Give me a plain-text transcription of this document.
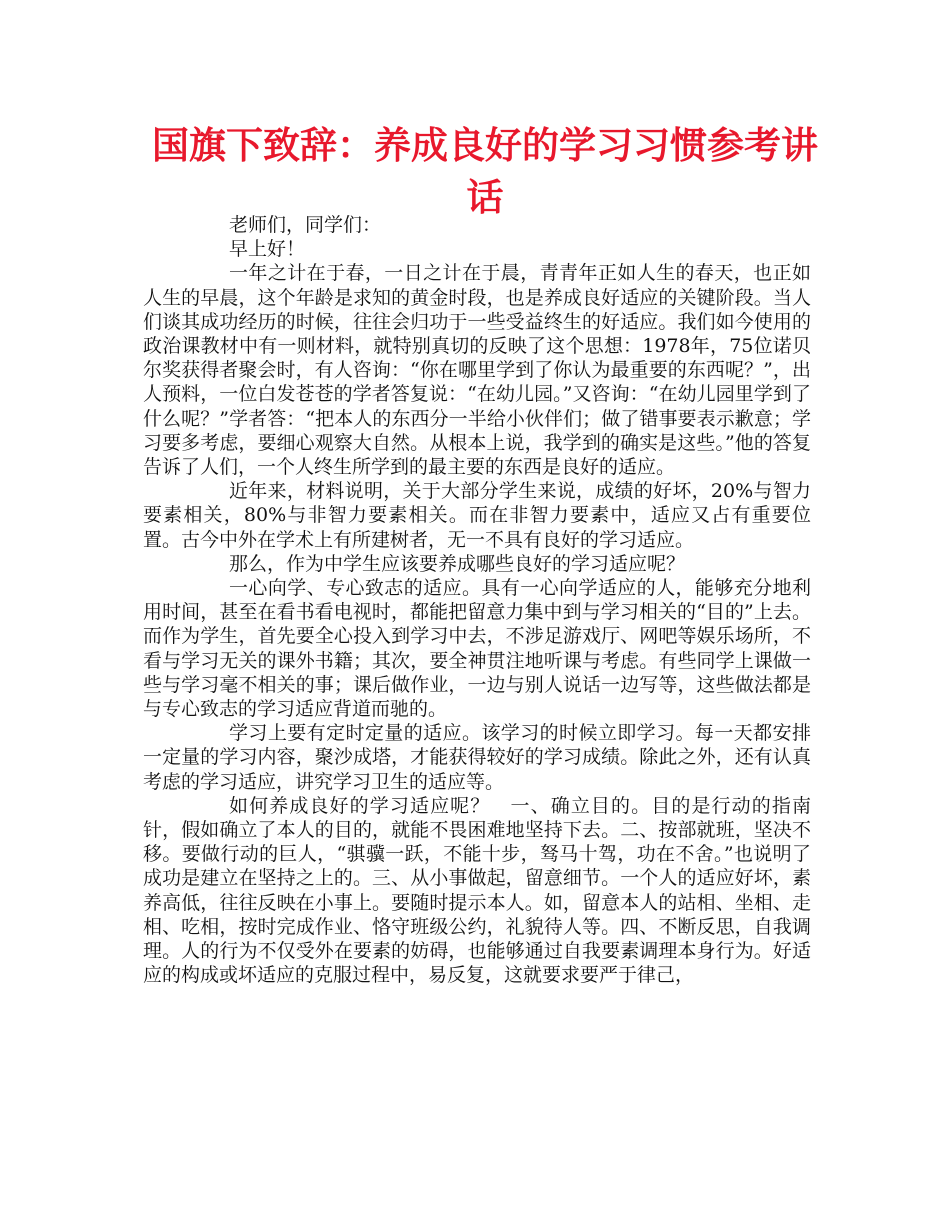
国旗下致辞：养成良好的学习习惯参考讲话

老师们，同学们：

早上好！

一年之计在于春，一日之计在于晨，青青年正如人生的春天，也正如人生的早晨，这个年龄是求知的黄金时段，也是养成良好适应的关键阶段。当人们谈其成功经历的时候，往往会归功于一些受益终生的好适应。我们如今使用的政治课教材中有一则材料，就特别真切的反映了这个思想：1978年，75位诺贝尔奖获得者聚会时，有人咨询：“你在哪里学到了你认为最重要的东西呢？”，出人预料，一位白发苍苍的学者答复说：“在幼儿园。”又咨询：“在幼儿园里学到了什么呢？”学者答：“把本人的东西分一半给小伙伴们；做了错事要表示歉意；学习要多考虑，要细心观察大自然。从根本上说，我学到的确实是这些。”他的答复告诉了人们，一个人终生所学到的最主要的东西是良好的适应。

近年来，材料说明，关于大部分学生来说，成绩的好坏，20%与智力要素相关，80%与非智力要素相关。而在非智力要素中，适应又占有重要位置。古今中外在学术上有所建树者，无一不具有良好的学习适应。

那么，作为中学生应该要养成哪些良好的学习适应呢？

一心向学、专心致志的适应。具有一心向学适应的人，能够充分地利用时间，甚至在看书看电视时，都能把留意力集中到与学习相关的“目的”上去。而作为学生，首先要全心投入到学习中去，不涉足游戏厅、网吧等娱乐场所，不看与学习无关的课外书籍；其次，要全神贯注地听课与考虑。有些同学上课做一些与学习毫不相关的事；课后做作业，一边与别人说话一边写等，这些做法都是与专心致志的学习适应背道而驰的。

学习上要有定时定量的适应。该学习的时候立即学习。每一天都安排一定量的学习内容，聚沙成塔，才能获得较好的学习成绩。除此之外，还有认真考虑的学习适应，讲究学习卫生的适应等。

如何养成良好的学习适应呢？　一、确立目的。目的是行动的指南针，假如确立了本人的目的，就能不畏困难地坚持下去。二、按部就班，坚决不移。要做行动的巨人，“骐骥一跃，不能十步，驽马十驾，功在不舍。”也说明了成功是建立在坚持之上的。三、从小事做起，留意细节。一个人的适应好坏，素养高低，往往反映在小事上。要随时提示本人。如，留意本人的站相、坐相、走相、吃相，按时完成作业、恪守班级公约，礼貌待人等。四、不断反思，自我调理。人的行为不仅受外在要素的妨碍，也能够通过自我要素调理本身行为。好适应的构成或坏适应的克服过程中，易反复，这就要求要严于律己，
